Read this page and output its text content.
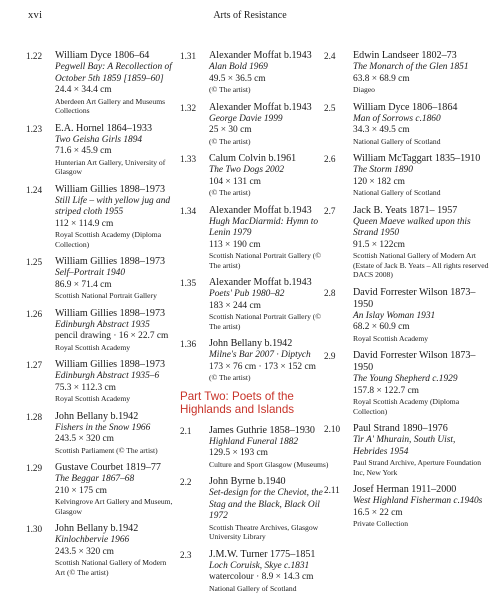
xvi	Arts of Resistance
1.22	William Dyce 1806–64
Pegwell Bay: A Recollection of October 5th 1859 [1859–60]
24.4 × 34.4 cm
Aberdeen Art Gallery and Museums Collections
1.23	E.A. Hornel 1864–1933
Two Geisha Girls 1894
71.6 × 45.9 cm
Hunterian Art Gallery, University of Glasgow
1.24	William Gillies 1898–1973
Still Life – with yellow jug and striped cloth 1955
112 × 114.9 cm
Royal Scottish Academy (Diploma Collection)
1.25	William Gillies 1898–1973
Self–Portrait 1940
86.9 × 71.4 cm
Scottish National Portrait Gallery
1.26	William Gillies 1898–1973
Edinburgh Abstract 1935
pencil drawing · 16 × 22.7 cm
Royal Scottish Academy
1.27	William Gillies 1898–1973
Edinburgh Abstract 1935–6
75.3 × 112.3 cm
Royal Scottish Academy
1.28	John Bellany b.1942
Fishers in the Snow 1966
243.5 × 320 cm
Scottish Parliament (© The artist)
1.29	Gustave Courbet 1819–77
The Beggar 1867–68
210 × 175 cm
Kelvingrove Art Gallery and Museum, Glasgow
1.30	John Bellany b.1942
Kinlochbervie 1966
243.5 × 320 cm
Scottish National Gallery of Modern Art (© The artist)
1.31	Alexander Moffat b.1943
Alan Bold 1969
49.5 × 36.5 cm
(© The artist)
1.32	Alexander Moffat b.1943
George Davie 1999
25 × 30 cm
(© The artist)
1.33	Calum Colvin b.1961
The Two Dogs 2002
104 × 131 cm
(© The artist)
1.34	Alexander Moffat b.1943
Hugh MacDiarmid: Hymn to Lenin 1979
113 × 190 cm
Scottish National Portrait Gallery (© The artist)
1.35	Alexander Moffat b.1943
Poets' Pub 1980–82
183 × 244 cm
Scottish National Portrait Gallery (© The artist)
1.36	John Bellany b.1942
Milne's Bar 2007 · Diptych
173 × 76 cm · 173 × 152 cm
(© The artist)
Part Two: Poets of the Highlands and Islands
2.1	James Guthrie 1858–1930
Highland Funeral 1882
129.5 × 193 cm
Culture and Sport Glasgow (Museums)
2.2	John Byrne b.1940
Set-design for the Cheviot, the Stag and the Black, Black Oil 1972
Scottish Theatre Archives, Glasgow University Library
2.3	J.M.W. Turner 1775–1851
Loch Coruisk, Skye c.1831
watercolour · 8.9 × 14.3 cm
National Gallery of Scotland
2.4	Edwin Landseer 1802–73
The Monarch of the Glen 1851
63.8 × 68.9 cm
Diageo
2.5	William Dyce 1806–1864
Man of Sorrows c.1860
34.3 × 49.5 cm
National Gallery of Scotland
2.6	William McTaggart 1835–1910
The Storm 1890
120 × 182 cm
National Gallery of Scotland
2.7	Jack B. Yeats 1871– 1957
Queen Maeve walked upon this Strand 1950
91.5 × 122cm
Scottish National Gallery of Modern Art (Estate of Jack B. Yeats – All rights reserved DACS 2008)
2.8	David Forrester Wilson 1873–1950
An Islay Woman 1931
68.2 × 60.9 cm
Royal Scottish Academy
2.9	David Forrester Wilson 1873–1950
The Young Shepherd c.1929
157.8 × 122.7 cm
Royal Scottish Academy (Diploma Collection)
2.10	Paul Strand 1890–1976
Tir A' Mhurain, South Uist, Hebrides 1954
Paul Strand Archive, Aperture Foundation Inc, New York
2.11	Josef Herman 1911–2000
West Highland Fisherman c.1940s
16.5 × 22 cm
Private Collection
